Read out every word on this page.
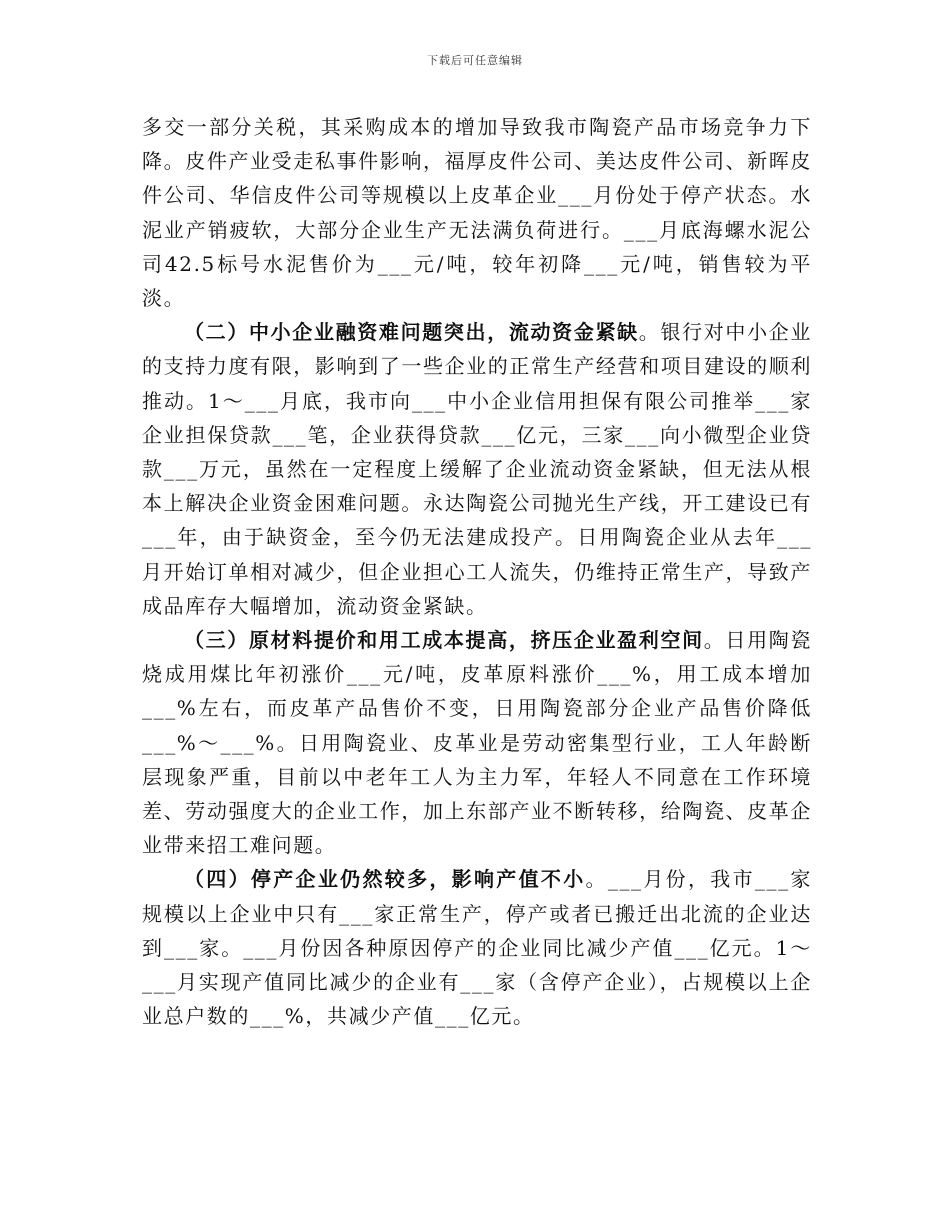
下载后可任意编辑

多交一部分关税，其采购成本的增加导致我市陶瓷产品市场竞争力下降。皮件产业受走私事件影响，福厚皮件公司、美达皮件公司、新晖皮件公司、华信皮件公司等规模以上皮革企业___月份处于停产状态。水泥业产销疲软，大部分企业生产无法满负荷进行。___月底海螺水泥公司42.5标号水泥售价为___元/吨，较年初降___元/吨，销售较为平淡。

（二）中小企业融资难问题突出，流动资金紧缺。银行对中小企业的支持力度有限，影响到了一些企业的正常生产经营和项目建设的顺利推动。1～___月底，我市向___中小企业信用担保有限公司推举___家企业担保贷款___笔，企业获得贷款___亿元，三家___向小微型企业贷款___万元，虽然在一定程度上缓解了企业流动资金紧缺，但无法从根本上解决企业资金困难问题。永达陶瓷公司抛光生产线，开工建设已有___年，由于缺资金，至今仍无法建成投产。日用陶瓷企业从去年___月开始订单相对减少，但企业担心工人流失，仍维持正常生产，导致产成品库存大幅增加，流动资金紧缺。

（三）原材料提价和用工成本提高，挤压企业盈利空间。日用陶瓷烧成用煤比年初涨价___元/吨，皮革原料涨价___%，用工成本增加___%左右，而皮革产品售价不变，日用陶瓷部分企业产品售价降低___%～___%。日用陶瓷业、皮革业是劳动密集型行业，工人年龄断层现象严重，目前以中老年工人为主力军，年轻人不同意在工作环境差、劳动强度大的企业工作，加上东部产业不断转移，给陶瓷、皮革企业带来招工难问题。

（四）停产企业仍然较多，影响产值不小。___月份，我市___家规模以上企业中只有___家正常生产，停产或者已搬迁出北流的企业达到___家。___月份因各种原因停产的企业同比减少产值___亿元。1～___月实现产值同比减少的企业有___家（含停产企业），占规模以上企业总户数的___%，共减少产值___亿元。
